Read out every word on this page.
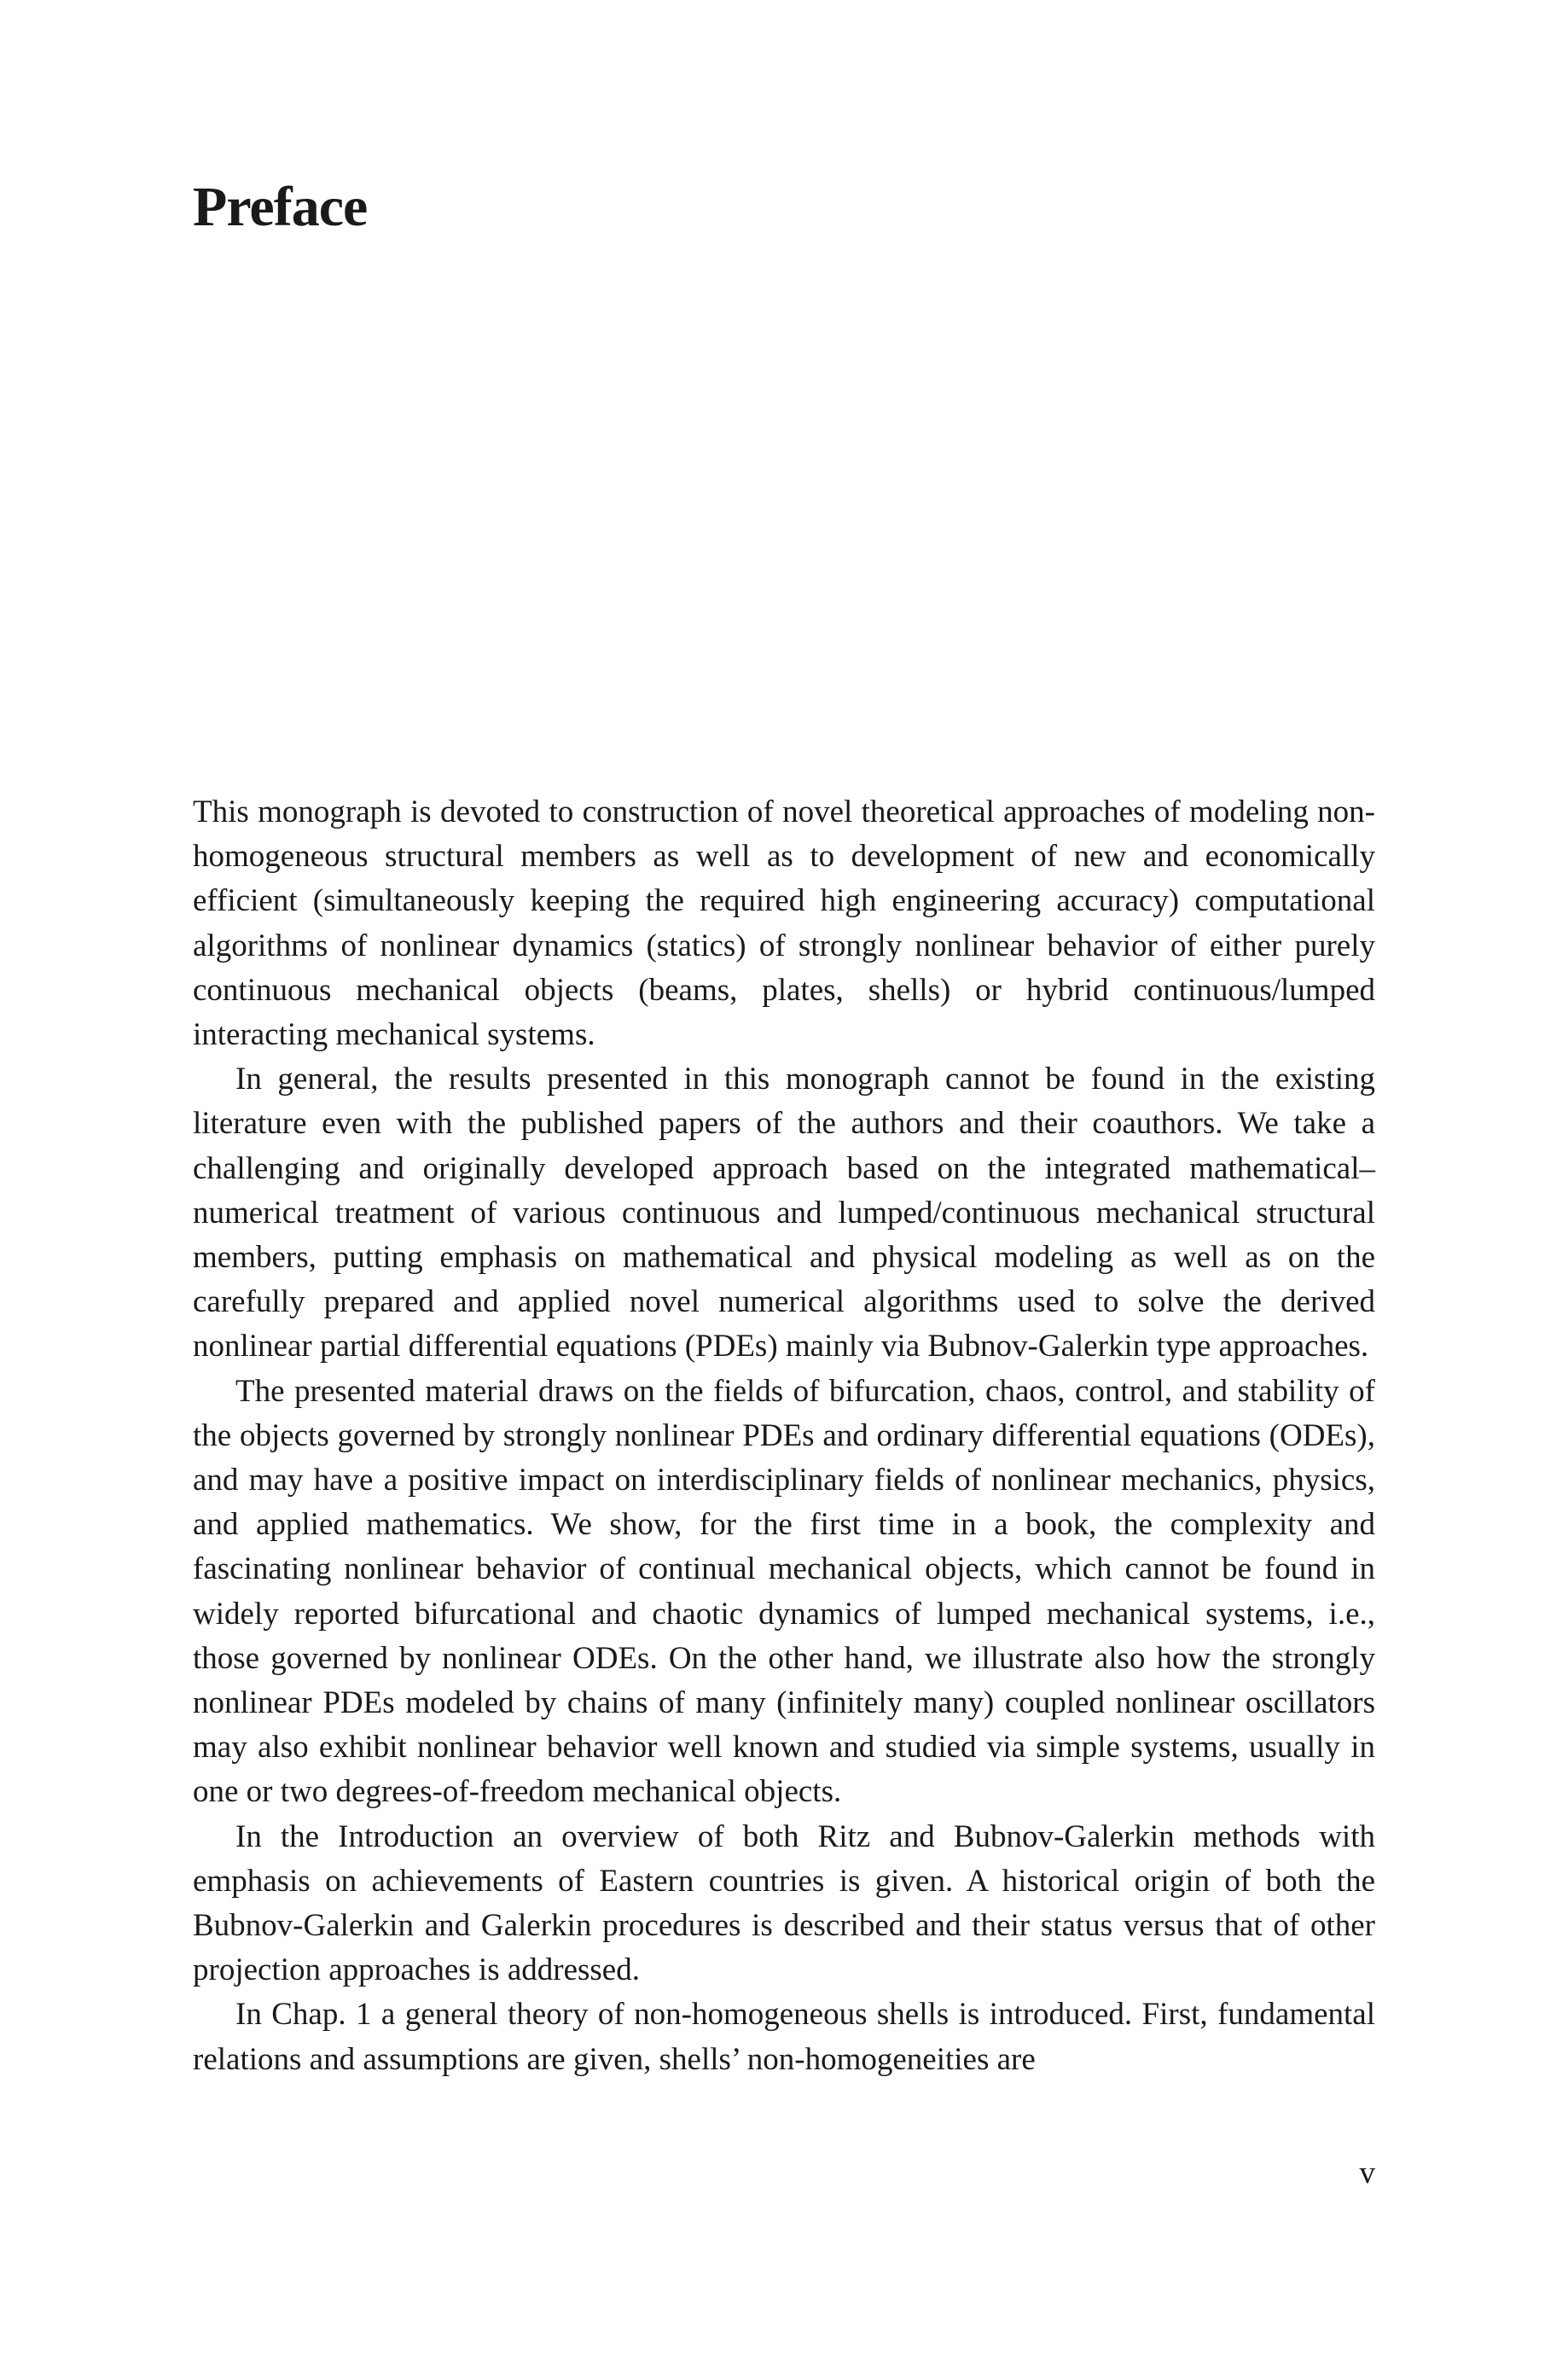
Preface

This monograph is devoted to construction of novel theoretical approaches of modeling non-homogeneous structural members as well as to development of new and economically efficient (simultaneously keeping the required high engineering accuracy) computational algorithms of nonlinear dynamics (statics) of strongly nonlinear behavior of either purely continuous mechanical objects (beams, plates, shells) or hybrid continuous/lumped interacting mechanical systems.

In general, the results presented in this monograph cannot be found in the existing literature even with the published papers of the authors and their coauthors. We take a challenging and originally developed approach based on the integrated mathematical–numerical treatment of various continuous and lumped/continuous mechanical structural members, putting emphasis on mathematical and physical modeling as well as on the carefully prepared and applied novel numerical algorithms used to solve the derived nonlinear partial differential equations (PDEs) mainly via Bubnov-Galerkin type approaches.

The presented material draws on the fields of bifurcation, chaos, control, and stability of the objects governed by strongly nonlinear PDEs and ordinary differential equations (ODEs), and may have a positive impact on interdisciplinary fields of nonlinear mechanics, physics, and applied mathematics. We show, for the first time in a book, the complexity and fascinating nonlinear behavior of continual mechanical objects, which cannot be found in widely reported bifurcational and chaotic dynamics of lumped mechanical systems, i.e., those governed by nonlinear ODEs. On the other hand, we illustrate also how the strongly nonlinear PDEs modeled by chains of many (infinitely many) coupled nonlinear oscillators may also exhibit nonlinear behavior well known and studied via simple systems, usually in one or two degrees-of-freedom mechanical objects.

In the Introduction an overview of both Ritz and Bubnov-Galerkin methods with emphasis on achievements of Eastern countries is given. A historical origin of both the Bubnov-Galerkin and Galerkin procedures is described and their status versus that of other projection approaches is addressed.

In Chap. 1 a general theory of non-homogeneous shells is introduced. First, fundamental relations and assumptions are given, shells’ non-homogeneities are

v
